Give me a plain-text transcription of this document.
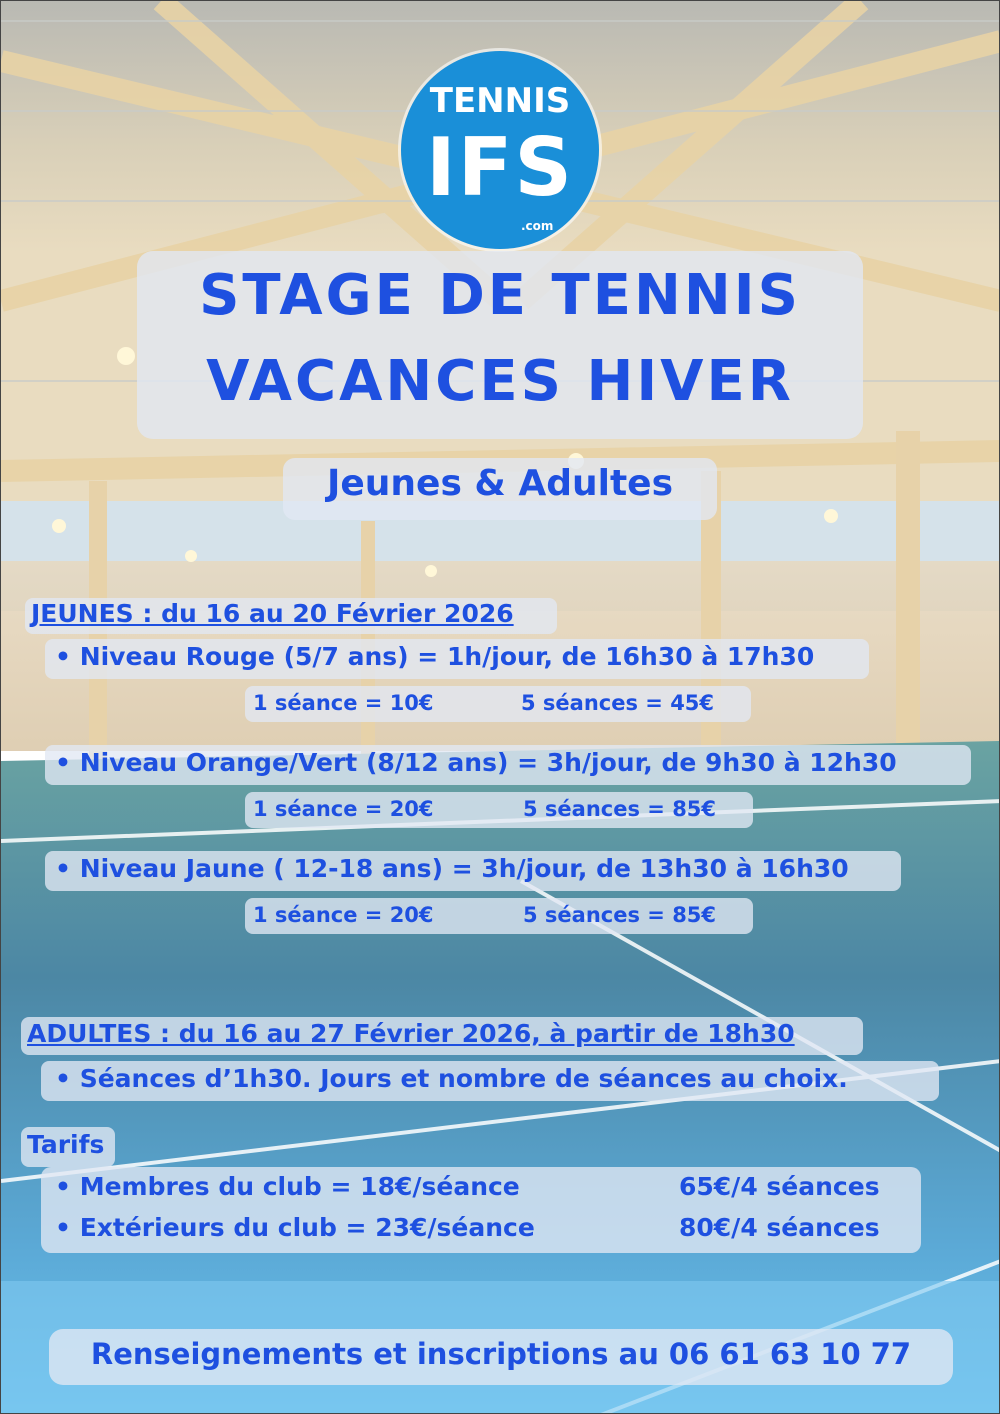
TENNIS
IFS
.com
STAGE DE TENNIS
VACANCES HIVER
Jeunes & Adultes
JEUNES : du 16 au 20 Février 2026
• Niveau Rouge (5/7 ans) = 1h/jour, de 16h30 à 17h30
1 séance = 10€	5 séances = 45€
• Niveau Orange/Vert (8/12 ans) = 3h/jour, de 9h30 à 12h30
1 séance = 20€	5 séances = 85€
• Niveau Jaune ( 12-18 ans) = 3h/jour, de 13h30 à 16h30
1 séance = 20€	5 séances = 85€
ADULTES : du 16 au 27 Février 2026, à partir de 18h30
• Séances d’1h30. Jours et nombre de séances au choix.
Tarifs
• Membres du club = 18€/séance	65€/4 séances
• Extérieurs du club = 23€/séance	80€/4 séances
Renseignements et inscriptions au 06 61 63 10 77
